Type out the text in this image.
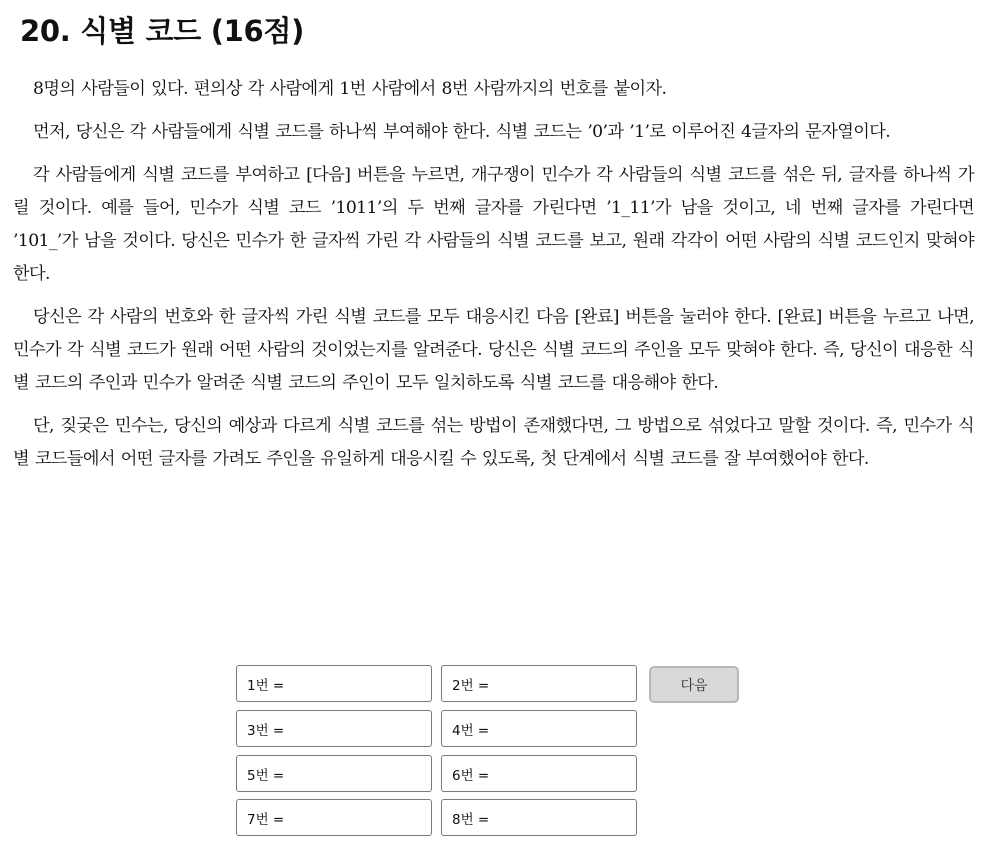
20. 식별 코드 (16점)

8명의 사람들이 있다. 편의상 각 사람에게 1번 사람에서 8번 사람까지의 번호를 붙이자.

먼저, 당신은 각 사람들에게 식별 코드를 하나씩 부여해야 한다. 식별 코드는 ’0’과 ’1’로 이루어진 4글자의 문자열이다.

각 사람들에게 식별 코드를 부여하고 [다음] 버튼을 누르면, 개구쟁이 민수가 각 사람들의 식별 코드를 섞은 뒤, 글자를 하나씩 가릴 것이다. 예를 들어, 민수가 식별 코드 ’1011’의 두 번째 글자를 가린다면 ’1_11’가 남을 것이고, 네 번째 글자를 가린다면 ’101_’가 남을 것이다. 당신은 민수가 한 글자씩 가린 각 사람들의 식별 코드를 보고, 원래 각각이 어떤 사람의 식별 코드인지 맞혀야 한다.

당신은 각 사람의 번호와 한 글자씩 가린 식별 코드를 모두 대응시킨 다음 [완료] 버튼을 눌러야 한다. [완료] 버튼을 누르고 나면, 민수가 각 식별 코드가 원래 어떤 사람의 것이었는지를 알려준다. 당신은 식별 코드의 주인을 모두 맞혀야 한다. 즉, 당신이 대응한 식별 코드의 주인과 민수가 알려준 식별 코드의 주인이 모두 일치하도록 식별 코드를 대응해야 한다.

단, 짖궂은 민수는, 당신의 예상과 다르게 식별 코드를 섞는 방법이 존재했다면, 그 방법으로 섞었다고 말할 것이다. 즉, 민수가 식별 코드들에서 어떤 글자를 가려도 주인을 유일하게 대응시킬 수 있도록, 첫 단계에서 식별 코드를 잘 부여했어야 한다.

1번 =
2번 =
3번 =
4번 =
5번 =
6번 =
7번 =
8번 =
다음
